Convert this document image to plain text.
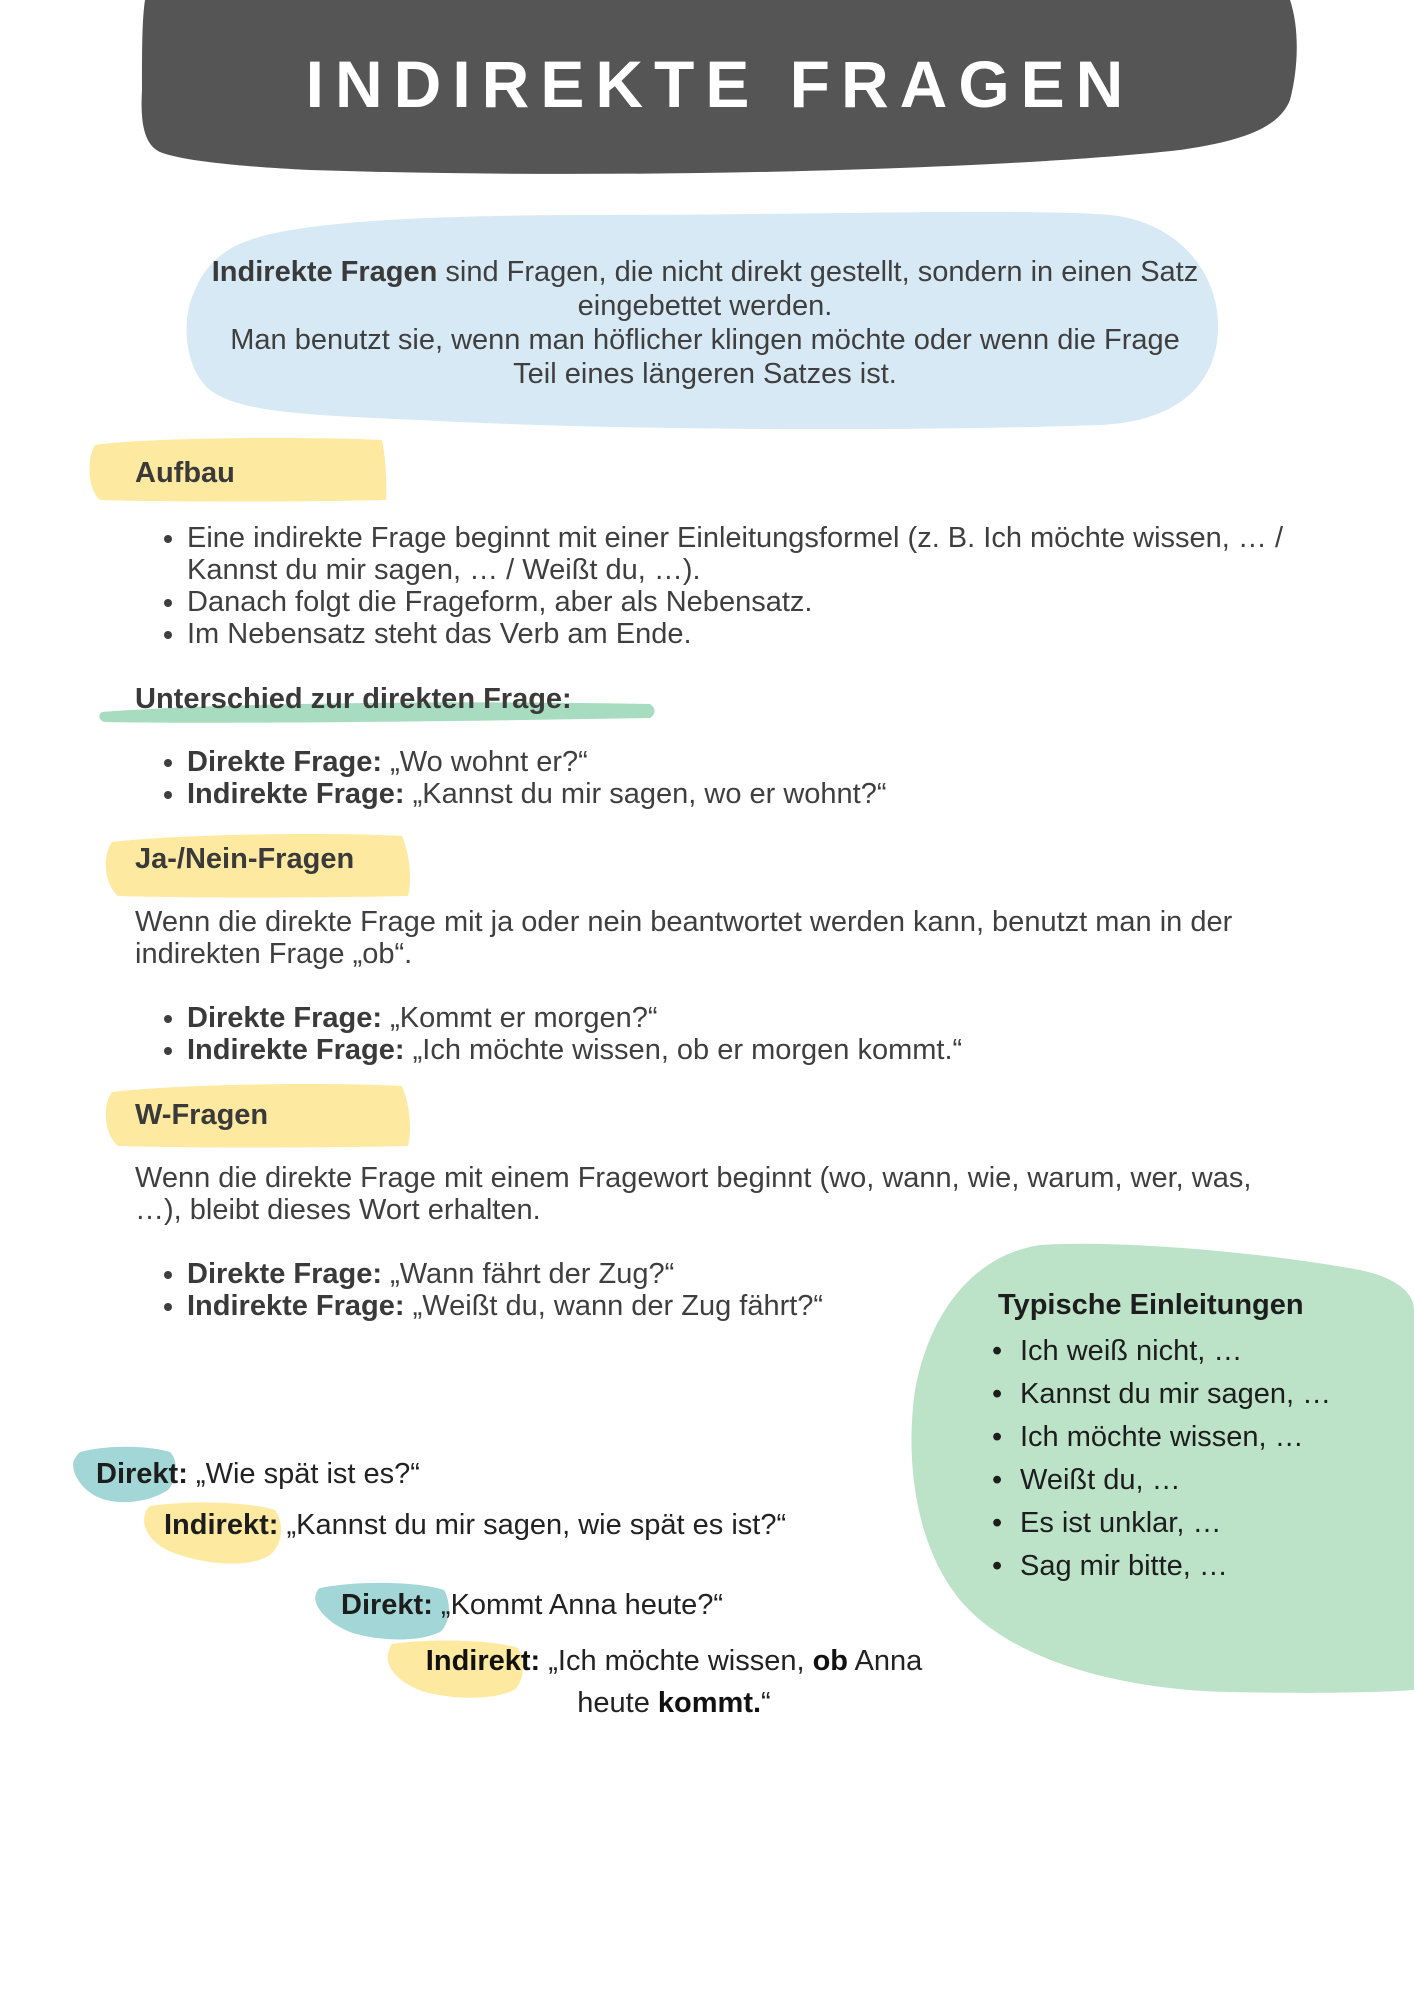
INDIREKTE FRAGEN
Indirekte Fragen sind Fragen, die nicht direkt gestellt, sondern in einen Satz eingebettet werden.
Man benutzt sie, wenn man höflicher klingen möchte oder wenn die Frage Teil eines längeren Satzes ist.
Aufbau
• Eine indirekte Frage beginnt mit einer Einleitungsformel (z. B. Ich möchte wissen, … / Kannst du mir sagen, … / Weißt du, …).
• Danach folgt die Frageform, aber als Nebensatz.
• Im Nebensatz steht das Verb am Ende.
Unterschied zur direkten Frage:
• Direkte Frage: „Wo wohnt er?“
• Indirekte Frage: „Kannst du mir sagen, wo er wohnt?“
Ja-/Nein-Fragen
Wenn die direkte Frage mit ja oder nein beantwortet werden kann, benutzt man in der indirekten Frage „ob“.
• Direkte Frage: „Kommt er morgen?“
• Indirekte Frage: „Ich möchte wissen, ob er morgen kommt.“
W-Fragen
Wenn die direkte Frage mit einem Fragewort beginnt (wo, wann, wie, warum, wer, was, …), bleibt dieses Wort erhalten.
• Direkte Frage: „Wann fährt der Zug?“
• Indirekte Frage: „Weißt du, wann der Zug fährt?“	Typische Einleitungen
• Ich weiß nicht, …
• Kannst du mir sagen, …
• Ich möchte wissen, …
• Weißt du, …
• Es ist unklar, …
• Sag mir bitte, …
Direkt: „Wie spät ist es?“
Indirekt: „Kannst du mir sagen, wie spät es ist?“
Direkt: „Kommt Anna heute?“
Indirekt: „Ich möchte wissen, ob Anna
heute kommt.“
